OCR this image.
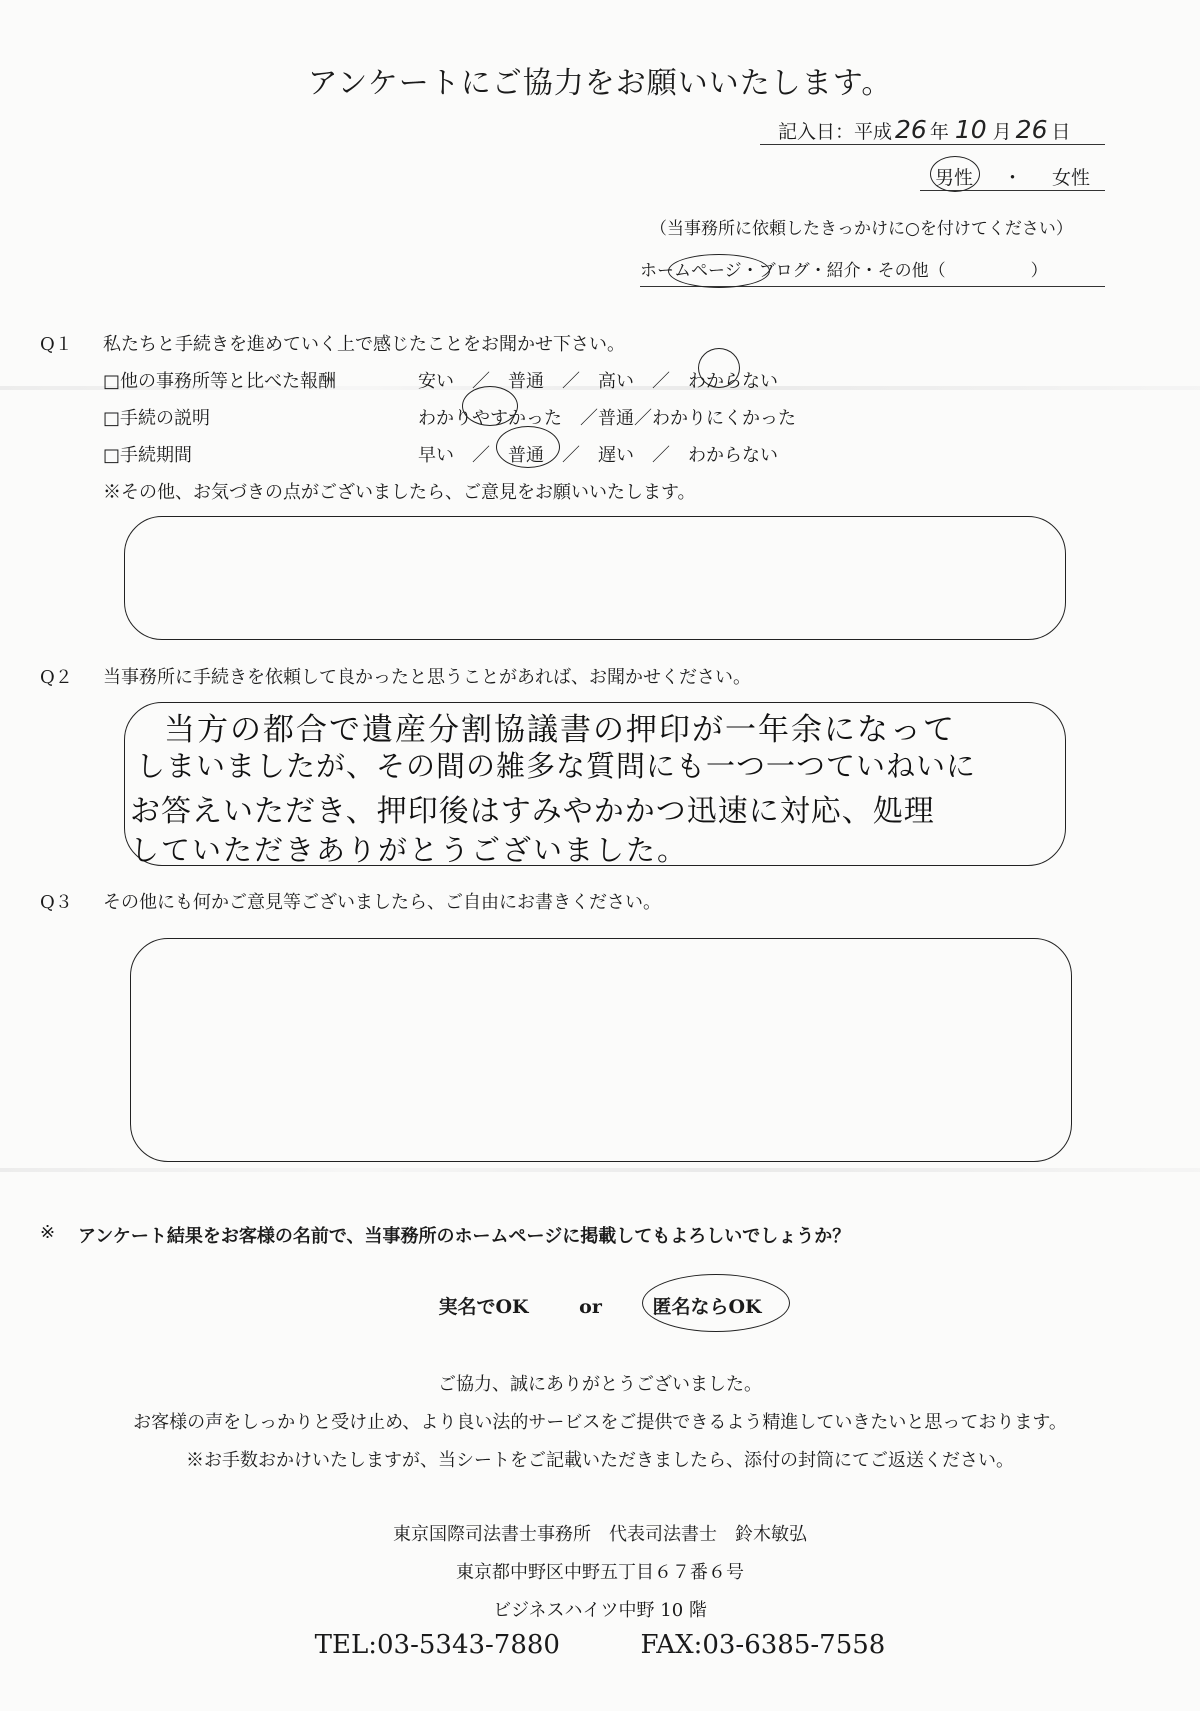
アンケートにご協力をお願いいたします。
記入日：平成 26 年 10 月 26 日
男性 ・ 女性
（当事務所に依頼したきっかけに○を付けてください）
ホームページ・ブログ・紹介・その他（　　　　　）
Q１ 私たちと手続きを進めていく上で感じたことをお聞かせ下さい。
□他の事務所等と比べた報酬	安い　／　普通　／　高い　／　わからない
□手続の説明	わかりやすかった　／普通／わかりにくかった
□手続期間	早い　／　普通　／　遅い　／　わからない
※その他、お気づきの点がございましたら、ご意見をお願いいたします。
Q２ 当事務所に手続きを依頼して良かったと思うことがあれば、お聞かせください。
当方の都合で遺産分割協議書の押印が一年余になって
しまいましたが、その間の雑多な質問にも一つ一つていねいに
お答えいただき、押印後はすみやかかつ迅速に対応、処理
していただきありがとうございました。
Q３ その他にも何かご意見等ございましたら、ご自由にお書きください。
※ アンケート結果をお客様の名前で、当事務所のホームページに掲載してもよろしいでしょうか？
実名でOK	or	匿名ならOK
ご協力、誠にありがとうございました。
お客様の声をしっかりと受け止め、より良い法的サービスをご提供できるよう精進していきたいと思っております。
※お手数おかけいたしますが、当シートをご記載いただきましたら、添付の封筒にてご返送ください。
東京国際司法書士事務所　代表司法書士　鈴木敏弘
東京都中野区中野五丁目６７番６号
ビジネスハイツ中野 10 階
TEL:03-5343-7880	FAX:03-6385-7558
